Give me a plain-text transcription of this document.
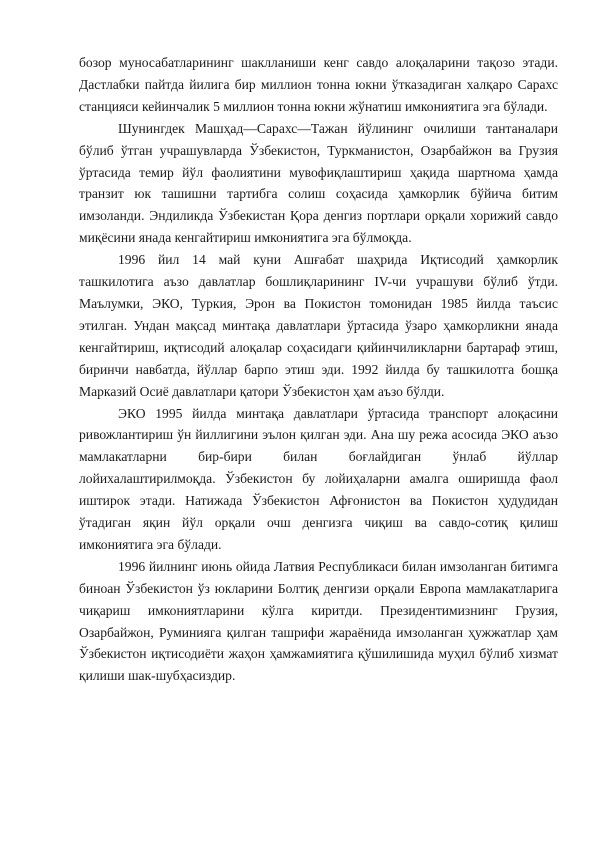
бозор муносабатларининг шаклланиши кенг савдо алоқаларини тақозо этади. Дастлабки пайтда йилига бир миллион тонна юкни ўтказадиган халқаро Сарахс станцияси кейинчалик 5 миллион тонна юкни жўнатиш имкониятига эга бўлади.

Шунингдек Машҳад—Сарахс—Тажан йўлининг очилиши тантаналари бўлиб ўтган учрашувларда Ўзбекистон, Туркманистон, Озарбайжон ва Грузия ўртасида темир йўл фаолиятини мувофиқлаштириш ҳақида шартнома ҳамда транзит юк ташишни тартибга солиш соҳасида ҳамкорлик бўйича битим имзоланди. Эндиликда Ўзбекистан Қора денгиз портлари орқали хорижий савдо миқёсини янада кенгайтириш имкониятига эга бўлмоқда.

1996 йил 14 май куни Ашғабат шаҳрида Иқтисодий ҳамкорлик ташкилотига аъзо давлатлар бошлиқларининг IV-чи учрашуви бўлиб ўтди. Маълумки, ЭКО, Туркия, Эрон ва Покистон томонидан 1985 йилда таъсис этилган. Ундан мақсад минтақа давлатлари ўртасида ўзаро ҳамкорликни янада кенгайтириш, иқтисодий алоқалар соҳасидаги қийинчиликларни бартараф этиш, биринчи навбатда, йўллар барпо этиш эди. 1992 йилда бу ташкилотга бошқа Марказий Осиё давлатлари қатори Ўзбекистон ҳам аъзо бўлди.

ЭКО 1995 йилда минтақа давлатлари ўртасида транспорт алоқасини ривожлантириш ўн йиллигини эълон қилган эди. Ана шу режа асосида ЭКО аъзо мамлакатларни бир-бири билан боғлайдиган ўнлаб йўллар лойихалаштирилмоқда. Ўзбекистон бу лойиҳаларни амалга оширишда фаол иштирок этади. Натижада Ўзбекистон Афғонистон ва Покистон ҳудудидан ўтадиган яқин йўл орқали очш денгизга чиқиш ва савдо-сотиқ қилиш имкониятига эга бўлади.

1996 йилнинг июнь ойида Латвия Республикаси билан имзоланган битимга биноан Ўзбекистон ўз юкларини Болтиқ денгизи орқали Европа мамлакатларига чиқариш имкониятларини кўлга киритди. Президентимизнинг Грузия, Озарбайжон, Руминияга қилган ташрифи жараёнида имзоланган ҳужжатлар ҳам Ўзбекистон иқтисодиёти жаҳон ҳамжамиятига қўшилишида муҳил бўлиб хизмат қилиши шак-шубҳасиздир.
